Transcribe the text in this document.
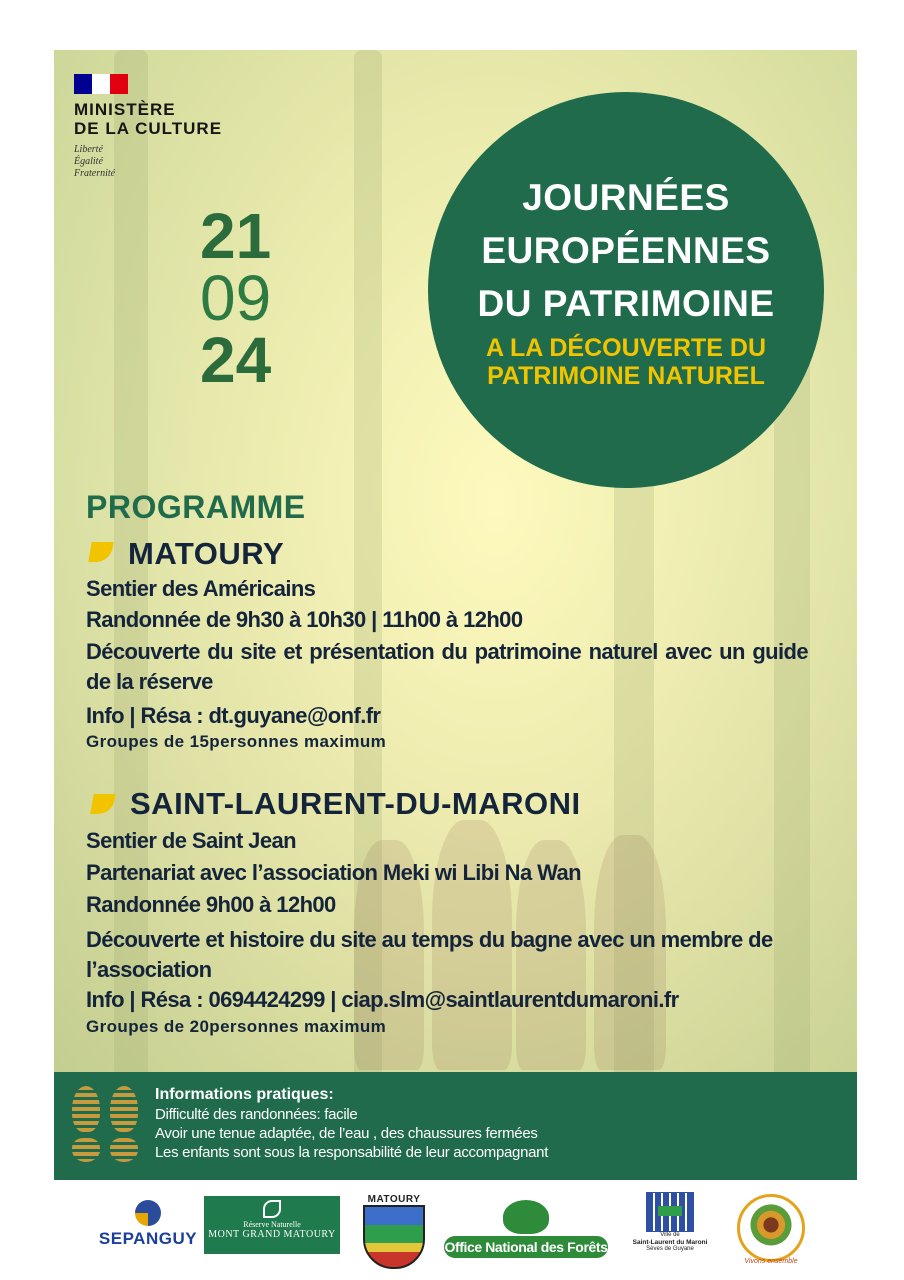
MINISTÈRE
DE LA CULTURE
Liberté
Égalité
Fraternité
21
09
24
JOURNÉES
EUROPÉENNES
DU PATRIMOINE
A LA DÉCOUVERTE DU
PATRIMOINE NATUREL
PROGRAMME
MATOURY
Sentier des Américains
Randonnée de 9h30 à 10h30 | 11h00 à 12h00
Découverte du site et présentation du patrimoine naturel avec un guide de la réserve
Info | Résa : dt.guyane@onf.fr
Groupes de 15personnes maximum
SAINT-LAURENT-DU-MARONI
Sentier de Saint Jean
Partenariat avec l’association Meki wi Libi Na Wan
Randonnée 9h00 à 12h00
Découverte et histoire du site au temps du bagne avec un membre de l’association
Info | Résa : 0694424299 | ciap.slm@saintlaurentdumaroni.fr
Groupes de 20personnes maximum
Informations pratiques:
Difficulté des randonnées: facile
Avoir une tenue adaptée, de l’eau , des chaussures fermées
Les enfants sont sous la responsabilité de leur accompagnant
SEPANGUY
Réserve Naturelle
MONT GRAND MATOURY
MATOURY
Office National des Forêts
Ville de
Saint-Laurent du Maroni
Sèves de Guyane
Vivons ensemble
